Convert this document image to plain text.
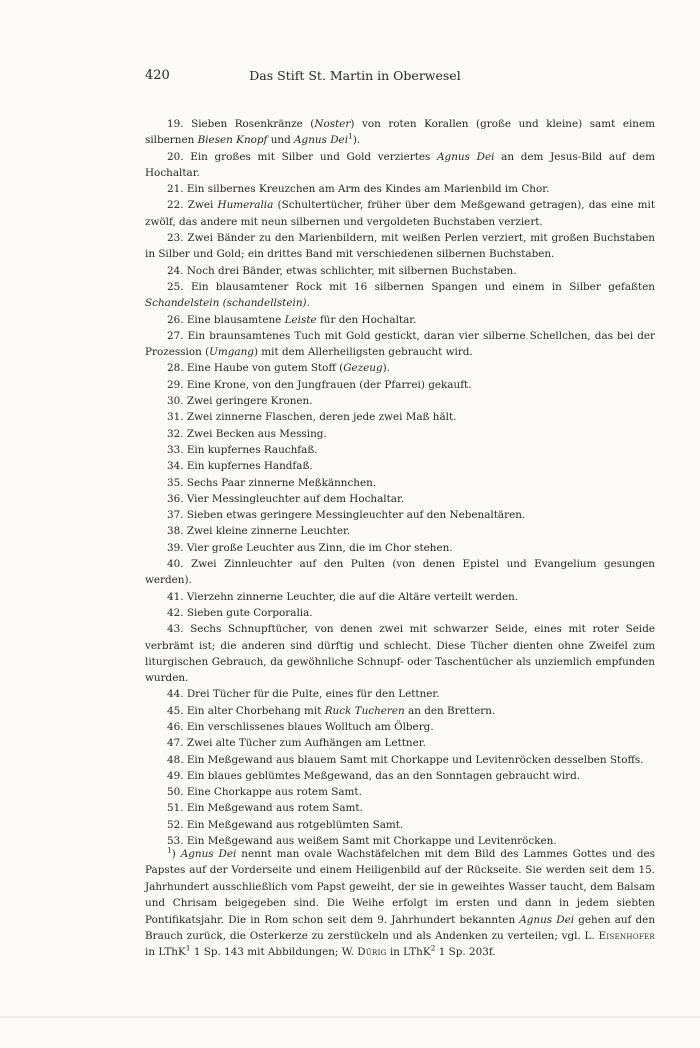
420	Das Stift St. Martin in Oberwesel
19. Sieben Rosenkränze (Noster) von roten Korallen (große und kleine) samt einem silbernen Biesen Knopf und Agnus Dei$^1$).
20. Ein großes mit Silber und Gold verziertes Agnus Dei an dem Jesus-Bild auf dem Hochaltar.
21. Ein silbernes Kreuzchen am Arm des Kindes am Marienbild im Chor.
22. Zwei Humeralia (Schultertücher, früher über dem Meßgewand getragen), das eine mit zwölf, das andere mit neun silbernen und vergoldeten Buchstaben verziert.
23. Zwei Bänder zu den Marienbildern, mit weißen Perlen verziert, mit großen Buchstaben in Silber und Gold; ein drittes Band mit verschiedenen silbernen Buchstaben.
24. Noch drei Bänder, etwas schlichter, mit silbernen Buchstaben.
25. Ein blausamtener Rock mit 16 silbernen Spangen und einem in Silber gefaßten Schandelstein (schandellstein).
26. Eine blausamtene Leiste für den Hochaltar.
27. Ein braunsamtenes Tuch mit Gold gestickt, daran vier silberne Schellchen, das bei der Prozession (Umgang) mit dem Allerheiligsten gebraucht wird.
28. Eine Haube von gutem Stoff (Gezeug).
29. Eine Krone, von den Jungfrauen (der Pfarrei) gekauft.
30. Zwei geringere Kronen.
31. Zwei zinnerne Flaschen, deren jede zwei Maß hält.
32. Zwei Becken aus Messing.
33. Ein kupfernes Rauchfaß.
34. Ein kupfernes Handfaß.
35. Sechs Paar zinnerne Meßkännchen.
36. Vier Messingleuchter auf dem Hochaltar.
37. Sieben etwas geringere Messingleuchter auf den Nebenaltären.
38. Zwei kleine zinnerne Leuchter.
39. Vier große Leuchter aus Zinn, die im Chor stehen.
40. Zwei Zinnleuchter auf den Pulten (von denen Epistel und Evangelium gesungen werden).
41. Vierzehn zinnerne Leuchter, die auf die Altäre verteilt werden.
42. Sieben gute Corporalia.
43. Sechs Schnupftücher, von denen zwei mit schwarzer Seide, eines mit roter Seide verbrämt ist; die anderen sind dürftig und schlecht. Diese Tücher dienten ohne Zweifel zum liturgischen Gebrauch, da gewöhnliche Schnupf- oder Taschentücher als unziemlich empfunden wurden.
44. Drei Tücher für die Pulte, eines für den Lettner.
45. Ein alter Chorbehang mit Ruck Tucheren an den Brettern.
46. Ein verschlissenes blaues Wolltuch am Ölberg.
47. Zwei alte Tücher zum Aufhängen am Lettner.
48. Ein Meßgewand aus blauem Samt mit Chorkappe und Levitenröcken desselben Stoffs.
49. Ein blaues geblümtes Meßgewand, das an den Sonntagen gebraucht wird.
50. Eine Chorkappe aus rotem Samt.
51. Ein Meßgewand aus rotem Samt.
52. Ein Meßgewand aus rotgeblümten Samt.
53. Ein Meßgewand aus weißem Samt mit Chorkappe und Levitenröcken.
$^1$) Agnus Dei nennt man ovale Wachstäfelchen mit dem Bild des Lammes Gottes und des Papstes auf der Vorderseite und einem Heiligenbild auf der Rückseite. Sie werden seit dem 15. Jahrhundert ausschließlich vom Papst geweiht, der sie in geweihtes Wasser taucht, dem Balsam und Chrisam beigegeben sind. Die Weihe erfolgt im ersten und dann in jedem siebten Pontifikatsjahr. Die in Rom schon seit dem 9. Jahrhundert bekannten Agnus Dei gehen auf den Brauch zurück, die Osterkerze zu zerstückeln und als Andenken zu verteilen; vgl. L. Eisenhofer in LThK$^1$ 1 Sp. 143 mit Abbildungen; W. Dürig in LThK$^2$ 1 Sp. 203f.
